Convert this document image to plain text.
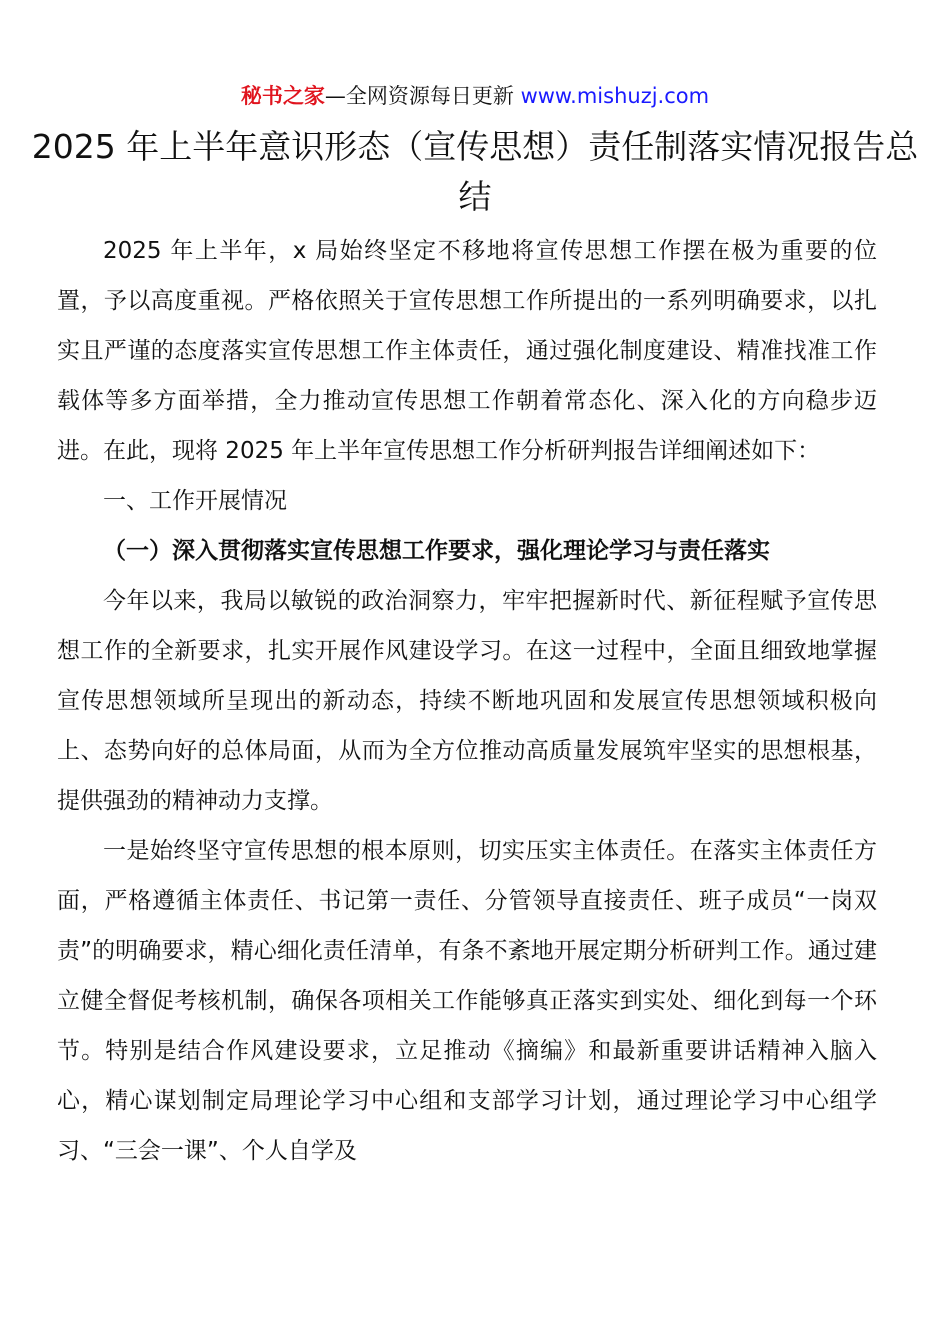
秘书之家—全网资源每日更新 www.mishuzj.com
2025 年上半年意识形态（宣传思想）责任制落实情况报告总结

2025 年上半年，x 局始终坚定不移地将宣传思想工作摆在极为重要的位置，予以高度重视。严格依照关于宣传思想工作所提出的一系列明确要求，以扎实且严谨的态度落实宣传思想工作主体责任，通过强化制度建设、精准找准工作载体等多方面举措，全力推动宣传思想工作朝着常态化、深入化的方向稳步迈进。在此，现将 2025 年上半年宣传思想工作分析研判报告详细阐述如下：

一、工作开展情况

（一）深入贯彻落实宣传思想工作要求，强化理论学习与责任落实

今年以来，我局以敏锐的政治洞察力，牢牢把握新时代、新征程赋予宣传思想工作的全新要求，扎实开展作风建设学习。在这一过程中，全面且细致地掌握宣传思想领域所呈现出的新动态，持续不断地巩固和发展宣传思想领域积极向上、态势向好的总体局面，从而为全方位推动高质量发展筑牢坚实的思想根基，提供强劲的精神动力支撑。

一是始终坚守宣传思想的根本原则，切实压实主体责任。在落实主体责任方面，严格遵循主体责任、书记第一责任、分管领导直接责任、班子成员“一岗双责”的明确要求，精心细化责任清单，有条不紊地开展定期分析研判工作。通过建立健全督促考核机制，确保各项相关工作能够真正落实到实处、细化到每一个环节。特别是结合作风建设要求，立足推动《摘编》和最新重要讲话精神入脑入心，精心谋划制定局理论学习中心组和支部学习计划，通过理论学习中心组学习、“三会一课”、个人自学及
